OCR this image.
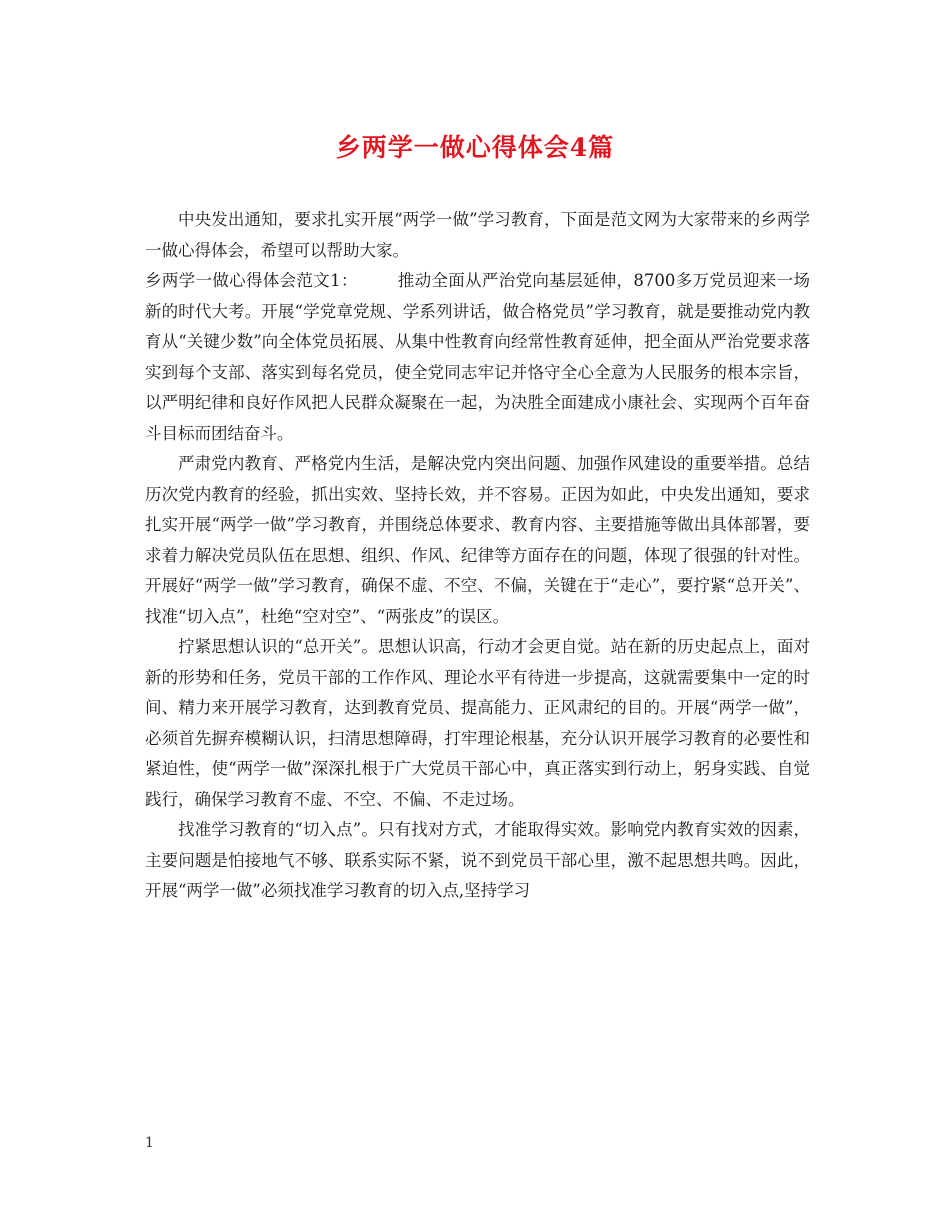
乡两学一做心得体会4篇

中央发出通知，要求扎实开展“两学一做”学习教育，下面是范文网为大家带来的乡两学一做心得体会，希望可以帮助大家。

乡两学一做心得体会范文1： 推动全面从严治党向基层延伸，8700多万党员迎来一场新的时代大考。开展“学党章党规、学系列讲话，做合格党员”学习教育，就是要推动党内教育从“关键少数”向全体党员拓展、从集中性教育向经常性教育延伸，把全面从严治党要求落实到每个支部、落实到每名党员，使全党同志牢记并恪守全心全意为人民服务的根本宗旨，以严明纪律和良好作风把人民群众凝聚在一起，为决胜全面建成小康社会、实现两个百年奋斗目标而团结奋斗。

严肃党内教育、严格党内生活，是解决党内突出问题、加强作风建设的重要举措。总结历次党内教育的经验，抓出实效、坚持长效，并不容易。正因为如此，中央发出通知，要求扎实开展“两学一做”学习教育，并围绕总体要求、教育内容、主要措施等做出具体部署，要求着力解决党员队伍在思想、组织、作风、纪律等方面存在的问题，体现了很强的针对性。开展好“两学一做”学习教育，确保不虚、不空、不偏，关键在于“走心”，要拧紧“总开关”、找准“切入点”，杜绝“空对空”、“两张皮”的误区。

拧紧思想认识的“总开关”。思想认识高，行动才会更自觉。站在新的历史起点上，面对新的形势和任务，党员干部的工作作风、理论水平有待进一步提高，这就需要集中一定的时间、精力来开展学习教育，达到教育党员、提高能力、正风肃纪的目的。开展“两学一做”，必须首先摒弃模糊认识，扫清思想障碍，打牢理论根基，充分认识开展学习教育的必要性和紧迫性，使“两学一做”深深扎根于广大党员干部心中，真正落实到行动上，躬身实践、自觉践行，确保学习教育不虚、不空、不偏、不走过场。

找准学习教育的“切入点”。只有找对方式，才能取得实效。影响党内教育实效的因素，主要问题是怕接地气不够、联系实际不紧，说不到党员干部心里，激不起思想共鸣。因此，开展“两学一做”必须找准学习教育的切入点,坚持学习

1
